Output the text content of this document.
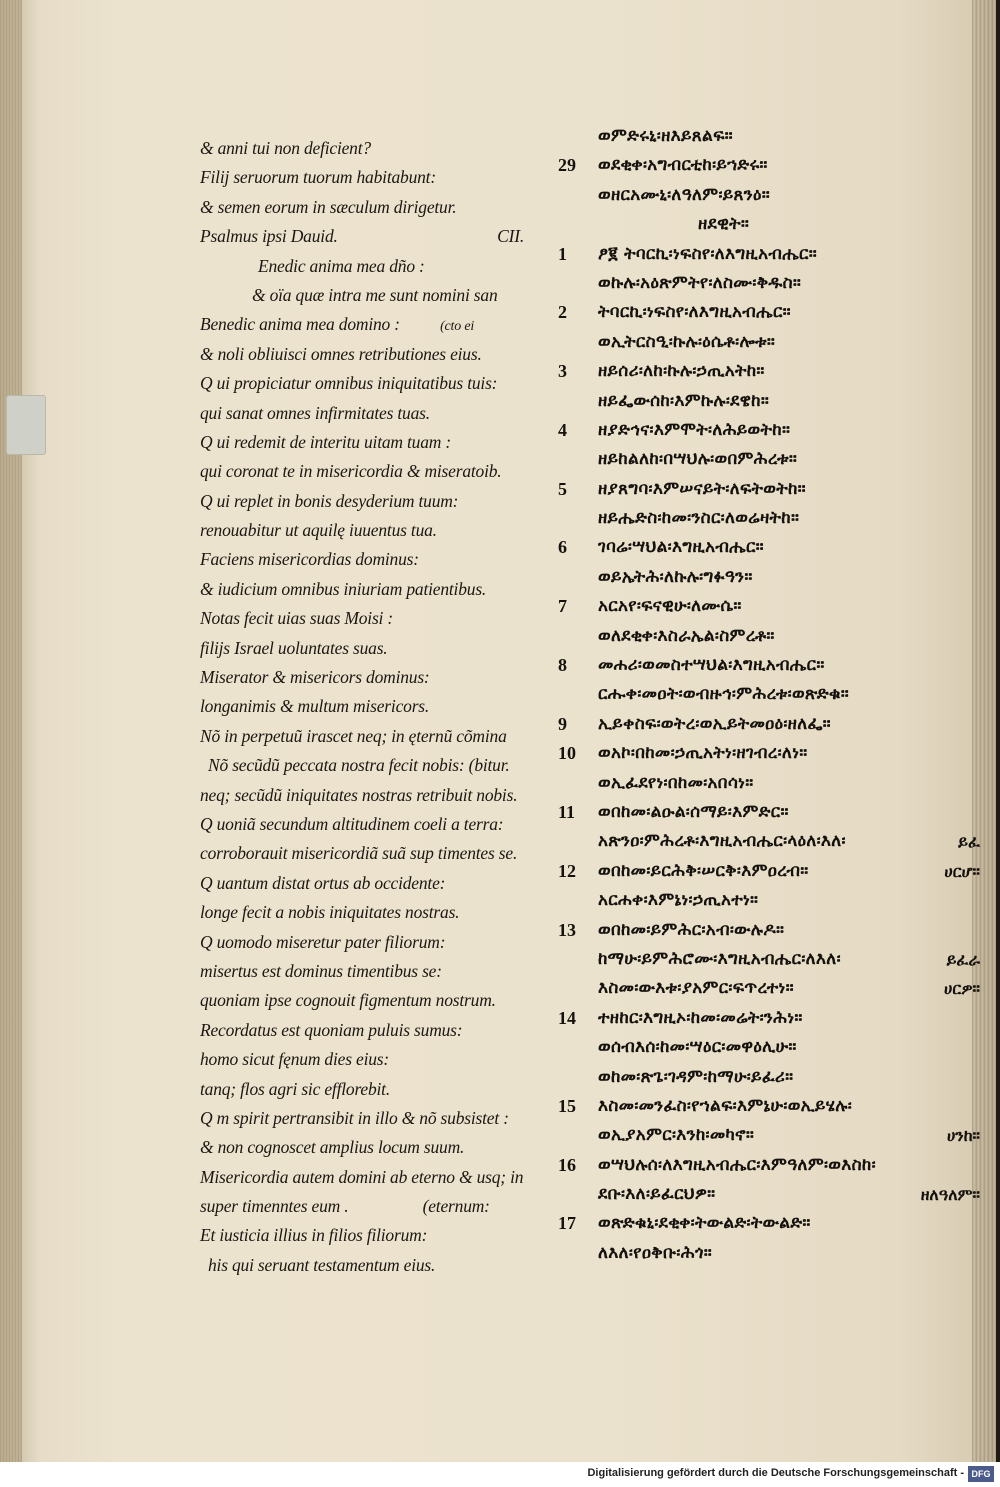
& anni tui non deficient?
Filij seruorum tuorum habitabunt:
& semen eorum in sæculum dirigetur.
Psalmus ipsi Dauid.	CII.
Enedic anima mea dño :
& oïa quæ intra me sunt nomini san
Benedic anima mea domino :	(cto ei
& noli obliuisci omnes retributiones eius.
Q ui propiciatur omnibus iniquitatibus tuis:
qui sanat omnes infirmitates tuas.
Q ui redemit de interitu uitam tuam :
qui coronat te in misericordia & miseratoib.
Q ui replet in bonis desyderium tuum:
renouabitur ut aquilę iuuentus tua.
Faciens misericordias dominus:
& iudicium omnibus iniuriam patientibus.
Notas fecit uias suas Moisi :
filijs Israel uoluntates suas.
Miserator & misericors dominus:
longanimis & multum misericors.
Nõ in perpetuũ irascet neq; in ęternũ cõmina
Nõ secũdũ peccata nostra fecit nobis: (bitur.
neq; secũdũ iniquitates nostras retribuit nobis.
Q uoniã secundum altitudinem coeli a terra:
corroborauit misericordiã suã sup timentes se.
Q uantum distat ortus ab occidente:
longe fecit a nobis iniquitates nostras.
Q uomodo miseretur pater filiorum:
misertus est dominus timentibus se:
quoniam ipse cognouit figmentum nostrum.
Recordatus est quoniam puluis sumus:
homo sicut fęnum dies eius:
tanq; flos agri sic efflorebit.
Q m spirit pertransibit in illo & nõ subsistet :
& non cognoscet amplius locum suum.
Misericordia autem domini ab eterno & usq; in
super timenntes eum .	(eternum:
Et iusticia illius in filios filiorum:
his qui seruant testamentum eius.
ወምድሩኒ፡ዘእይጸልፍ።
29	ወደቂቀ፡አግብርቲከ፡ይኀድሩ።
ወዘርአሙኒ፡ለዓለም፡ይጸንዕ።
ዘደዊት።
1	ፆ፪ ትባርኪ፡ነፍስየ፡ለእግዚአብሔር።
ወኩሉ፡አዕጽምትየ፡ለስሙ፡ቅዱስ።
2	ትባርኪ፡ነፍስየ፡ለእግዚአብሔር።
ወኢትርስዒ፡ኩሉ፡ዕሴቶ፡ሎቱ።
3	ዘይሰሪ፡ለከ፡ኩሉ፡ኃጢአትከ።
ዘይፌውሰከ፡እምኩሉ፡ደዌከ።
4	ዘያድኅና፡እምሞት፡ለሕይወትከ።
ዘይከልለከ፡በሣህሉ፡ወበምሕረቱ።
5	ዘያጸግባ፡እምሠናይት፡ለፍትወትከ።
ዘይሔድስ፡ከመ፡ንስር፡ለወሬዛትከ።
6	ገባሬ፡ሣህል፡እግዚአብሔር።
ወይኤትሕ፡ለኩሉ፡ግፉዓን።
7	አርአየ፡ፍናዊሁ፡ለሙሴ።
ወለደቂቀ፡እስራኤል፡ስምረቶ።
8	መሐሪ፡ወመስተሣህል፡እግዚአብሔር።
ርሑቀ፡መዐት፡ወብዙኅ፡ምሕረቱ፡ወጽድቁ።
9	ኢይቀስፍ፡ወትረ፡ወኢይትመዐዕ፡ዘለፌ።
10	ወአኮ፡በከመ፡ኃጢአትነ፡ዘገብረ፡ለነ።
ወኢፈደየነ፡በከመ፡አበሳነ።
11	ወበከመ፡ልዑል፡ሰማይ፡እምድር።
አጽንዐ፡ምሕረቶ፡እግዚአብሔር፡ላዕለ፡እለ፡	ይፈ
12	ወበከመ፡ይርሕቅ፡ሠርቅ፡እምዐረብ።	ሀርሆ።
አርሐቀ፡እምኔነ፡ኃጢአተነ።
13	ወበከመ፡ይምሕር፡አብ፡ውሉዶ።
ከማሁ፡ይምሕሮሙ፡እግዚአብሔር፡ለእለ፡	ይፈራ
እስመ፡ውእቱ፡ያአምር፡ፍጥረተነ።	ሀርዎ።
14	ተዘከር፡እግዚኦ፡ከመ፡መሬት፡ንሕነ።
ወሰብእሰ፡ከመ፡ሣዕር፡መዋዕሊሁ።
ወከመ፡ጽጌ፡ገዳም፡ከማሁ፡ይፈሪ።
15	እስመ፡መንፈስ፡የኀልፍ፡እምኔሁ፡ወኢይሄሉ፡
ወኢያአምር፡እንከ፡መካኖ።	ሀንከ።
16	ወሣህሉሰ፡ለእግዚአብሔር፡እምዓለም፡ወእስከ፡
ደቡ፡እለ፡ይፈርህዎ።	ዘለዓለም።
17	ወጽድቁኒ፡ደቂቀ፡ትውልድ፡ትውልድ።
ለእለ፡የዐቅቡ፡ሕጎ።
Digitalisierung gefördert durch die Deutsche Forschungsgemeinschaft - DFG
